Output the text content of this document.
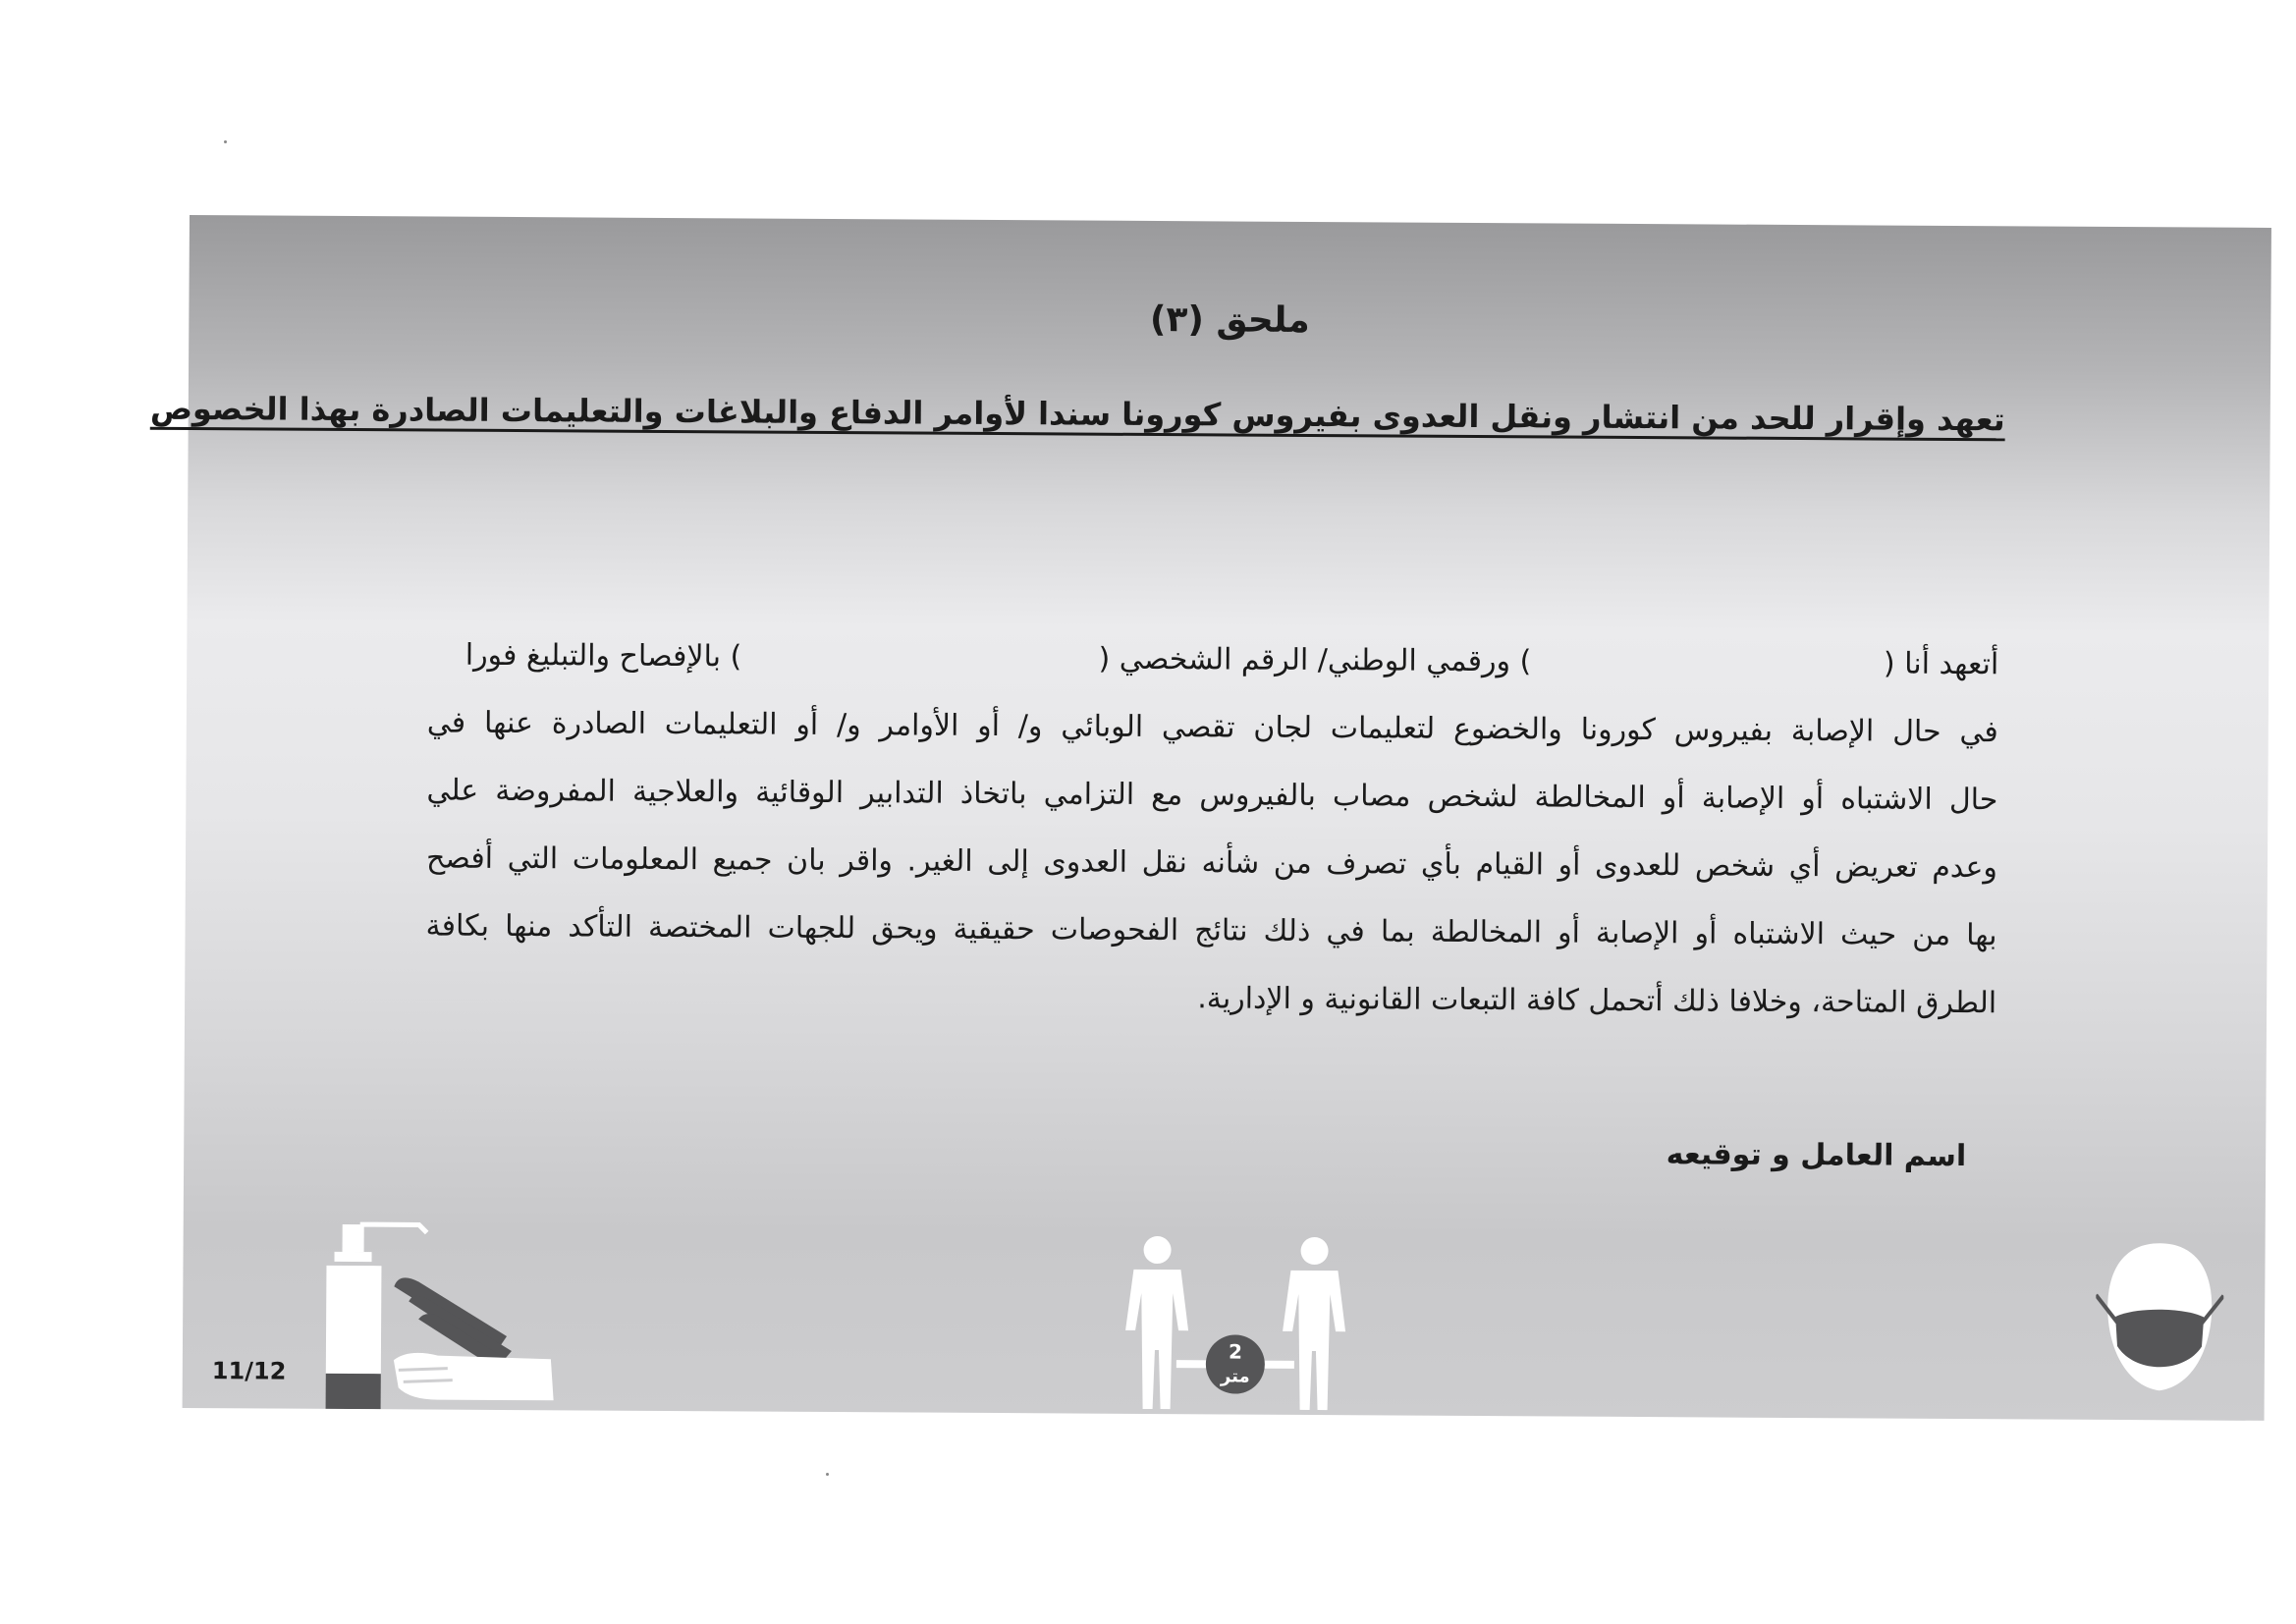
ملحق (٣)
تعهد وإقرار للحد من انتشار ونقل العدوى بفيروس كورونا سندا لأوامر الدفاع والبلاغات والتعليمات الصادرة بهذا الخصوص
أتعهد أنا (
) ورقمي الوطني/ الرقم الشخصي (
) بالإفصاح والتبليغ فورا
في حال الإصابة بفيروس كورونا والخضوع لتعليمات لجان تقصي الوبائي و/ أو الأوامر و/ أو التعليمات الصادرة عنها في
حال الاشتباه أو الإصابة أو المخالطة لشخص مصاب بالفيروس مع التزامي باتخاذ التدابير الوقائية والعلاجية المفروضة علي
وعدم تعريض أي شخص للعدوى أو القيام بأي تصرف من شأنه نقل العدوى إلى الغير. واقر بان جميع المعلومات التي أفصح
بها من حيث الاشتباه أو الإصابة أو المخالطة بما في ذلك نتائج الفحوصات حقيقية ويحق للجهات المختصة التأكد منها بكافة
الطرق المتاحة، وخلافا ذلك أتحمل كافة التبعات القانونية و الإدارية.
اسم العامل و توقيعه
11/12
2
متر
